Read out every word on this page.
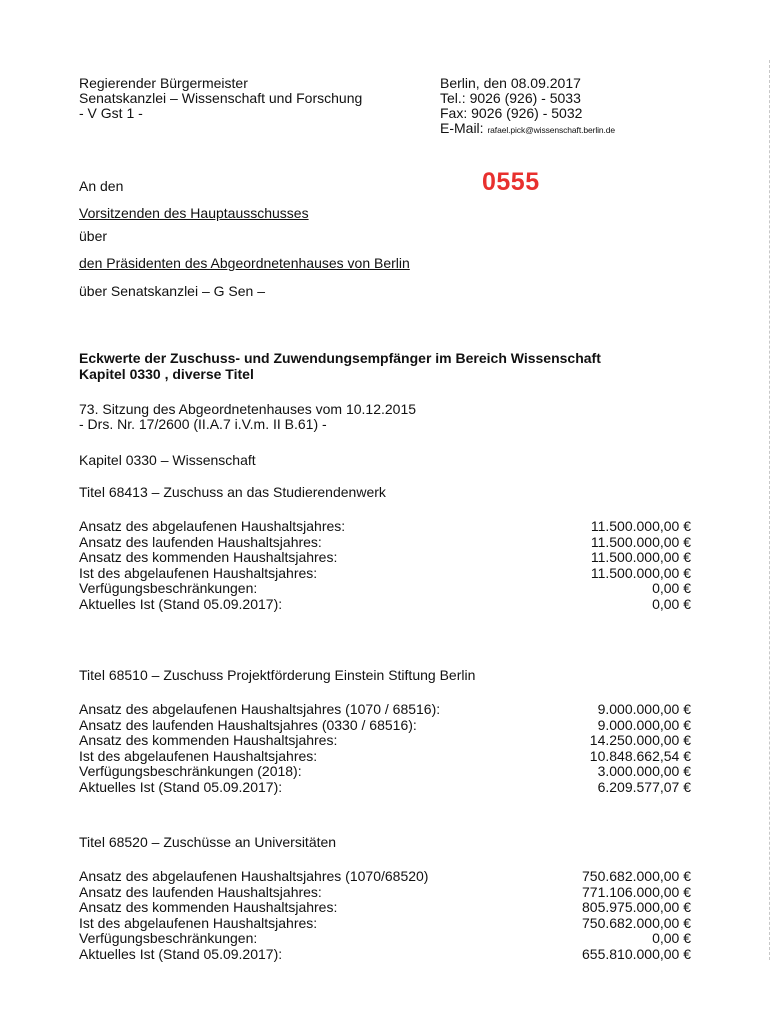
Regierender Bürgermeister
Senatskanzlei – Wissenschaft und Forschung
- V Gst 1 -
Berlin, den 08.09.2017
Tel.: 9026 (926) - 5033
Fax: 9026 (926) - 5032
E-Mail: rafael.pick@wissenschaft.berlin.de
0555
An den
Vorsitzenden des Hauptausschusses
über
den Präsidenten des Abgeordnetenhauses von Berlin
über Senatskanzlei – G Sen –
Eckwerte der Zuschuss- und Zuwendungsempfänger im Bereich Wissenschaft
Kapitel 0330 , diverse Titel
73. Sitzung des Abgeordnetenhauses vom 10.12.2015
- Drs. Nr. 17/2600 (II.A.7 i.V.m. II B.61) -
Kapitel 0330 – Wissenschaft
Titel 68413 – Zuschuss an das Studierendenwerk
Ansatz des abgelaufenen Haushaltsjahres:	11.500.000,00 €
Ansatz des laufenden Haushaltsjahres:	11.500.000,00 €
Ansatz des kommenden Haushaltsjahres:	11.500.000,00 €
Ist des abgelaufenen Haushaltsjahres:	11.500.000,00 €
Verfügungsbeschränkungen:	0,00 €
Aktuelles Ist (Stand 05.09.2017):	0,00 €
Titel 68510 – Zuschuss Projektförderung Einstein Stiftung Berlin
Ansatz des abgelaufenen Haushaltsjahres (1070 / 68516):	9.000.000,00 €
Ansatz des laufenden Haushaltsjahres (0330 / 68516):	9.000.000,00 €
Ansatz des kommenden Haushaltsjahres:	14.250.000,00 €
Ist des abgelaufenen Haushaltsjahres:	10.848.662,54 €
Verfügungsbeschränkungen (2018):	3.000.000,00 €
Aktuelles Ist (Stand 05.09.2017):	6.209.577,07 €
Titel 68520 – Zuschüsse an Universitäten
Ansatz des abgelaufenen Haushaltsjahres (1070/68520)	750.682.000,00 €
Ansatz des laufenden Haushaltsjahres:	771.106.000,00 €
Ansatz des kommenden Haushaltsjahres:	805.975.000,00 €
Ist des abgelaufenen Haushaltsjahres:	750.682.000,00 €
Verfügungsbeschränkungen:	0,00 €
Aktuelles Ist (Stand 05.09.2017):	655.810.000,00 €
